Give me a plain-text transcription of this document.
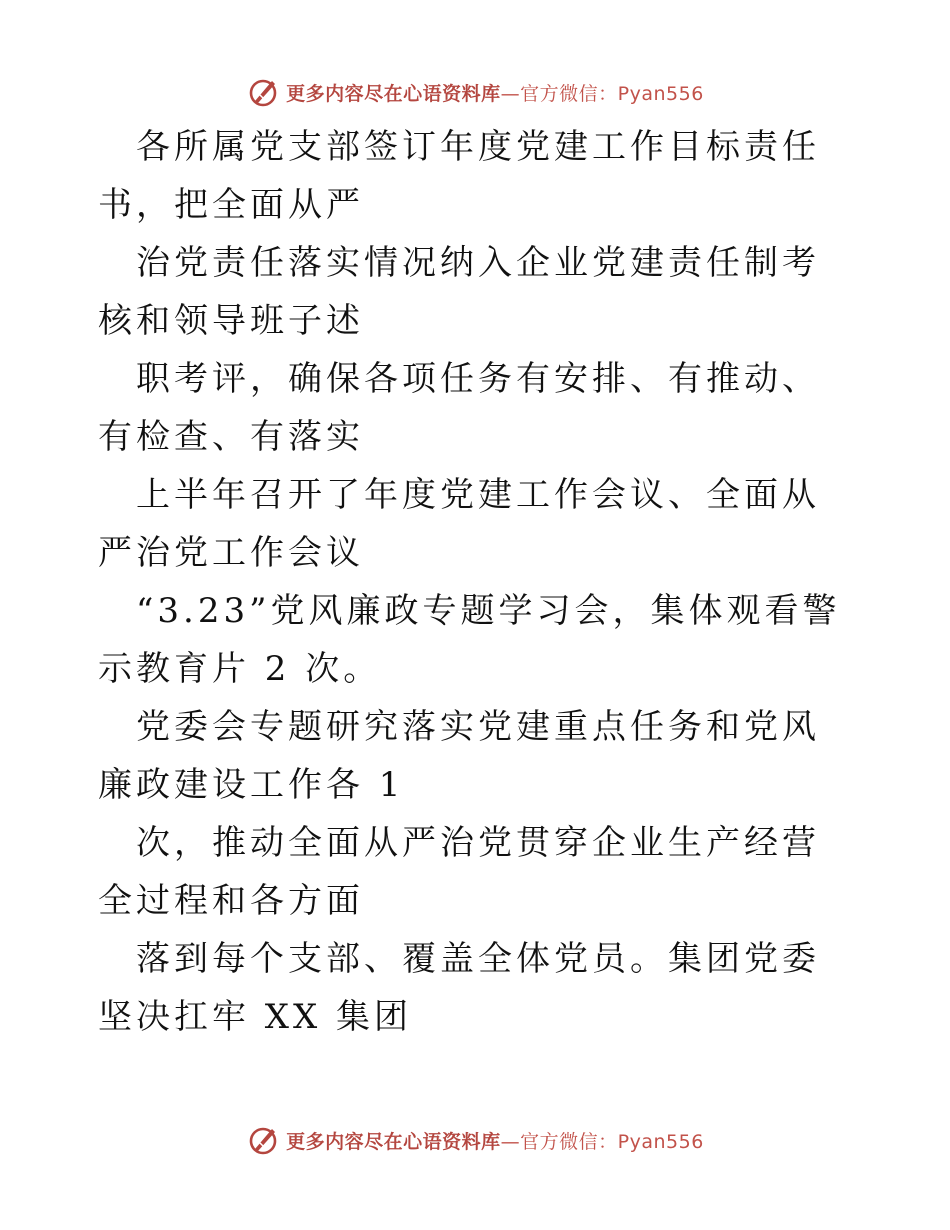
更多内容尽在心语资料库—官方微信：Pyan556

各所属党支部签订年度党建工作目标责任书，把全面从严

治党责任落实情况纳入企业党建责任制考核和领导班子述

职考评，确保各项任务有安排、有推动、有检查、有落实

上半年召开了年度党建工作会议、全面从严治党工作会议

“3.23”党风廉政专题学习会，集体观看警示教育片 2 次。

党委会专题研究落实党建重点任务和党风廉政建设工作各 1

次，推动全面从严治党贯穿企业生产经营全过程和各方面

落到每个支部、覆盖全体党员。集团党委坚决扛牢 XX 集团

更多内容尽在心语资料库—官方微信：Pyan556
